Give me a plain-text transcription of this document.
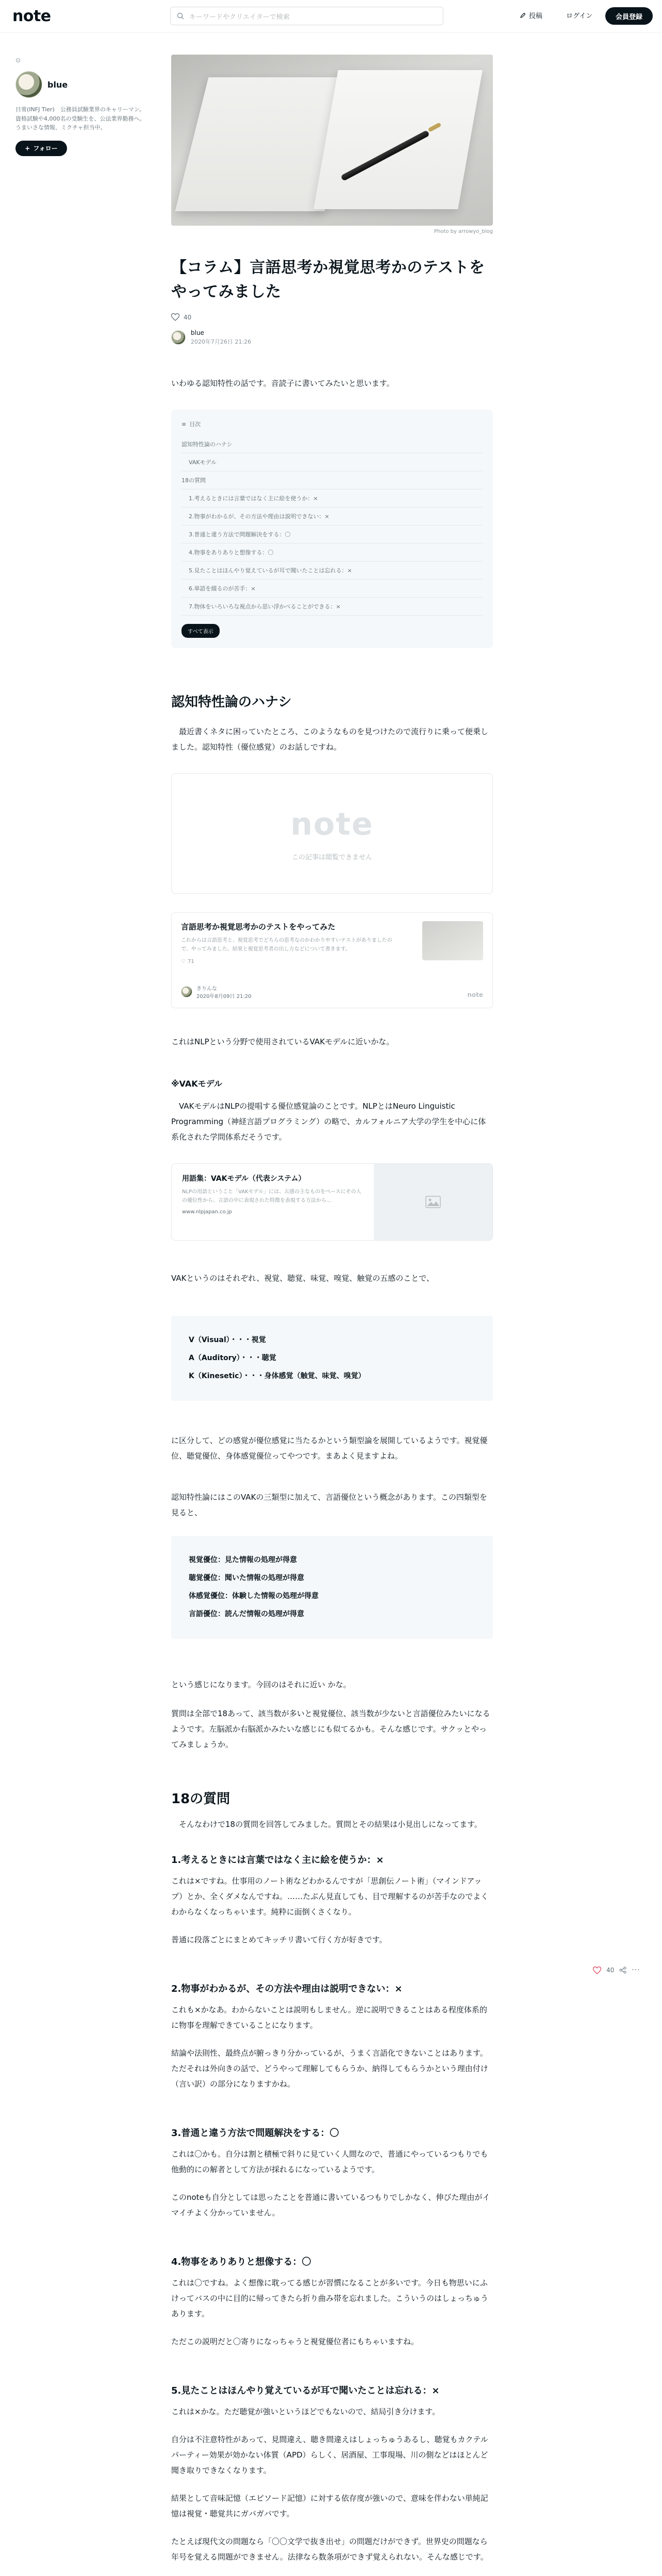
note	キーワードやクリエイターで検索	投稿	ログイン	会員登録
⊙
blue
日常(INFJ Tier)　公務員試験業界のキャリーマン。資格試験や4,000名の受験生を、公法業界勤務ヘ。うまいさな情報、ミクチャ担当中。
+ フォロー
40 ···
Photo by arrowyo_blog
【コラム】言語思考か視覚思考かのテストをやってみました
40
blue
2020年7月26日 21:26

いわゆる認知特性の話です。音読子に書いてみたいと思います。

≡ 目次
認知特性論のハナシ
VAKモデル
18の質問
1.考えるときには言葉ではなく主に絵を使うか：×
2.物事がわかるが、その方法や理由は説明できない：×
3.普通と違う方法で問題解決をする：〇
4.物事をありありと想像する：〇
5.見たことはほんやり覚えているが耳で聞いたことは忘れる：×
6.単語を綴るのが苦手：×
7.物体をいろいろな視点から思い浮かべることができる：×
すべて表示
認知特性論のハナシ

　最近書くネタに困っていたところ、このようなものを見つけたので流行りに乗って便乗しました。認知特性（優位感覚）のお話しですね。

note
この記事は閲覧できません
言語思考か視覚思考かのテストをやってみた
これからは言語思考と、視覚思考でどちらの思考なのかわかりやすいテストがありましたので、やってみました。結果と視覚思考者の出し方などについて書きます。
♡ 71
きりんな
2020年8月09日 21:20	note

これはNLPという分野で使用されているVAKモデルに近いかな。

※VAKモデル

　VAKモデルはNLPの提唱する優位感覚論のことです。NLPとはNeuro Linguistic Programming（神経言語プログラミング）の略で、カルフォルニア大学の学生を中心に体系化された学問体系だそうです。

用語集：VAKモデル（代表システム）
NLPの用語ということ「VAKモデル」には、五感の主なものをベースにその人の優位性から、言語の中に表現された特徴を表現する方法から...
www.nlpjapan.co.jp

VAKというのはそれぞれ、視覚、聴覚、味覚、嗅覚、触覚の五感のことで、

V（Visual）・・・視覚
A（Auditory）・・・聴覚
K（Kinesetic）・・・身体感覚（触覚、味覚、嗅覚）

に区分して、どの感覚が優位感覚に当たるかという類型論を展開しているようです。視覚優位、聴覚優位、身体感覚優位ってやつです。まあよく見ますよね。

認知特性論にはこのVAKの三類型に加えて、言語優位という概念があります。この四類型を見ると、

視覚優位：見た情報の処理が得意
聴覚優位：聞いた情報の処理が得意
体感覚優位：体験した情報の処理が得意
言語優位：読んだ情報の処理が得意

という感じになります。今回のはそれに近い かな。

質問は全部で18あって、該当数が多いと視覚優位、該当数が少ないと言語優位みたいになるようです。左脳派か右脳派かみたいな感じにも似てるかも。そんな感じです。サクッとやってみましょうか。

18の質問

　そんなわけで18の質問を回答してみました。質問とその結果は小見出しになってます。

1.考えるときには言葉ではなく主に絵を使うか：×

これは×ですね。仕事用のノート術などわかるんですが「思創伝ノート術」（マインドアップ）とか、全くダメなんですね。……たぶん見直しても、目で理解するのが苦手なのでよくわからなくなっちゃいます。純粋に面倒くさくなり。

普通に段落ごとにまとめてキッチリ書いて行く方が好きです。

2.物事がわかるが、その方法や理由は説明できない：×

これも×かなあ。わからないことは説明もしません。逆に説明できることはある程度体系的に物事を理解できていることになります。

結論や法則性、最終点が腑っきり分かっているが、うまく言語化できないことはあります。ただそれは外向きの話で、どうやって理解してもらうか、納得してもらうかという理由付け（言い訳）の部分になりますかね。

3.普通と違う方法で問題解決をする：〇

これは〇かも。自分は割と積極で斜りに見ていく人間なので、普通にやっているつもりでも他動的にの解者として方法が採れるになっているようです。

このnoteも自分としては思ったことを普通に書いているつもりでしかなく、伸びた理由がイマイチよく分かっていません。

4.物事をありありと想像する：〇

これは〇ですね。よく想像に耽ってる感じが習慣になることが多いです。今日も物思いにふけってバスの中に目的に帰ってきたら折り曲み帯を忘れました。こういうのはしょっちゅうあります。

ただこの説明だと〇寄りになっちゃうと視覚優位者にもちゃいますね。

5.見たことはほんやり覚えているが耳で聞いたことは忘れる：×

これは×かな。ただ聴覚が強いというほどでもないので、結局引き分けます。

自分は不注意特性があって、見間違え、聴き間違えはしょっちゅうあるし、聴覚もカクテルパーティー効果が効かない体質（APD）らしく、居酒屋、工事現場、川の側などはほとんど聞き取りできなくなります。

結果として音味記憶（エピソード記憶）に対する依存度が強いので、意味を伴わない単純記憶は視覚・聴覚共にガバガバです。

たとえば現代文の問題なら「〇〇文学で抜き出せ」の問題だけができず。世界史の問題なら年号を覚える問題ができません。法律なら数条項ができず覚えられない。そんな感じです。
